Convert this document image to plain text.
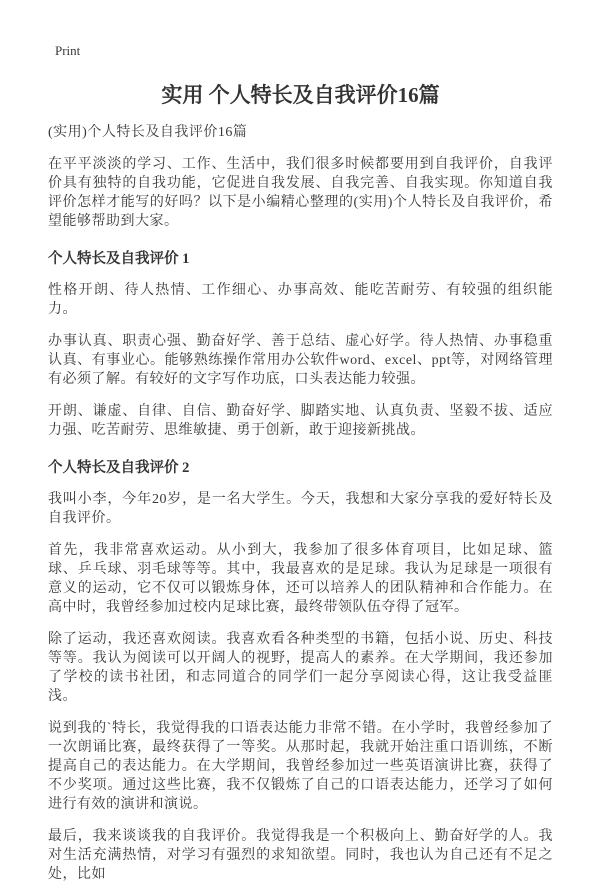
Print
实用 个人特长及自我评价16篇

(实用)个人特长及自我评价16篇

在平平淡淡的学习、工作、生活中，我们很多时候都要用到自我评价，自我评价具有独特的自我功能，它促进自我发展、自我完善、自我实现。你知道自我评价怎样才能写的好吗？以下是小编精心整理的(实用)个人特长及自我评价，希望能够帮助到大家。

个人特长及自我评价 1

性格开朗、待人热情、工作细心、办事高效、能吃苦耐劳、有较强的组织能力。

办事认真、职责心强、勤奋好学、善于总结、虚心好学。待人热情、办事稳重认真、有事业心。能够熟练操作常用办公软件word、excel、ppt等，对网络管理有必须了解。有较好的文字写作功底，口头表达能力较强。

开朗、谦虚、自律、自信、勤奋好学、脚踏实地、认真负责、坚毅不拔、适应力强、吃苦耐劳、思维敏捷、勇于创新，敢于迎接新挑战。

个人特长及自我评价 2

我叫小李，今年20岁，是一名大学生。今天，我想和大家分享我的爱好特长及自我评价。

首先，我非常喜欢运动。从小到大，我参加了很多体育项目，比如足球、篮球、乒乓球、羽毛球等等。其中，我最喜欢的是足球。我认为足球是一项很有意义的运动，它不仅可以锻炼身体，还可以培养人的团队精神和合作能力。在高中时，我曾经参加过校内足球比赛，最终带领队伍夺得了冠军。

除了运动，我还喜欢阅读。我喜欢看各种类型的书籍，包括小说、历史、科技等等。我认为阅读可以开阔人的视野，提高人的素养。在大学期间，我还参加了学校的读书社团，和志同道合的同学们一起分享阅读心得，这让我受益匪浅。

说到我的`特长，我觉得我的口语表达能力非常不错。在小学时，我曾经参加了一次朗诵比赛，最终获得了一等奖。从那时起，我就开始注重口语训练，不断提高自己的表达能力。在大学期间，我曾经参加过一些英语演讲比赛，获得了不少奖项。通过这些比赛，我不仅锻炼了自己的口语表达能力，还学习了如何进行有效的演讲和演说。

最后，我来谈谈我的自我评价。我觉得我是一个积极向上、勤奋好学的人。我对生活充满热情，对学习有强烈的求知欲望。同时，我也认为自己还有不足之处，比如
